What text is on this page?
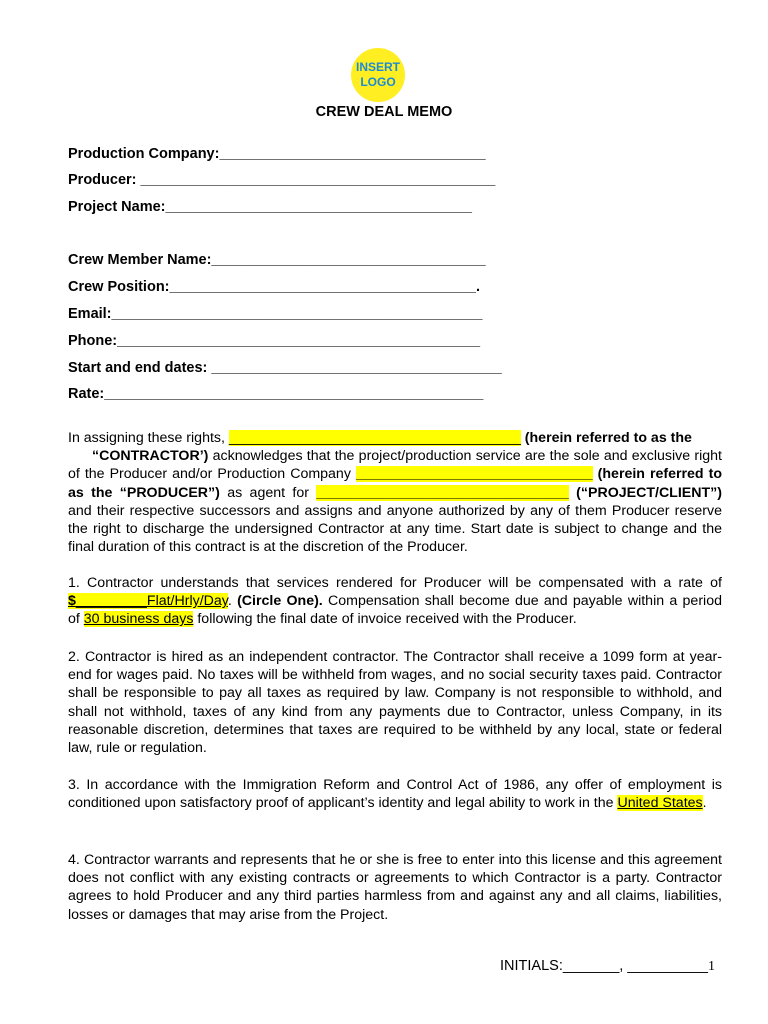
INSERT
LOGO
CREW DEAL MEMO
Production Company:_________________________________
Producer: ____________________________________________
Project Name:______________________________________
Crew Member Name:__________________________________
Crew Position:______________________________________.
Email:______________________________________________
Phone:_____________________________________________
Start and end dates: ____________________________________
Rate:_______________________________________________

In assigning these rights, _____________________________________ (herein referred to as the
“CONTRACTOR’) acknowledges that the project/production service are the sole and exclusive right of the Producer and/or Production Company ______________________________ (herein referred to as the “PRODUCER”) as agent for ________________________________ (“PROJECT/CLIENT”) and their respective successors and assigns and anyone authorized by any of them Producer reserve the right to discharge the undersigned Contractor at any time. Start date is subject to change and the final duration of this contract is at the discretion of the Producer.

1. Contractor understands that services rendered for Producer will be compensated with a rate of $_________Flat/Hrly/Day. (Circle One). Compensation shall become due and payable within a period of 30 business days following the final date of invoice received with the Producer.

2. Contractor is hired as an independent contractor. The Contractor shall receive a 1099 form at year-end for wages paid. No taxes will be withheld from wages, and no social security taxes paid. Contractor shall be responsible to pay all taxes as required by law. Company is not responsible to withhold, and shall not withhold, taxes of any kind from any payments due to Contractor, unless Company, in its reasonable discretion, determines that taxes are required to be withheld by any local, state or federal law, rule or regulation.

3. In accordance with the Immigration Reform and Control Act of 1986, any offer of employment is conditioned upon satisfactory proof of applicant’s identity and legal ability to work in the United States.

4. Contractor warrants and represents that he or she is free to enter into this license and this agreement does not conflict with any existing contracts or agreements to which Contractor is a party. Contractor agrees to hold Producer and any third parties harmless from and against any and all claims, liabilities, losses or damages that may arise from the Project.

INITIALS:_______, __________1
